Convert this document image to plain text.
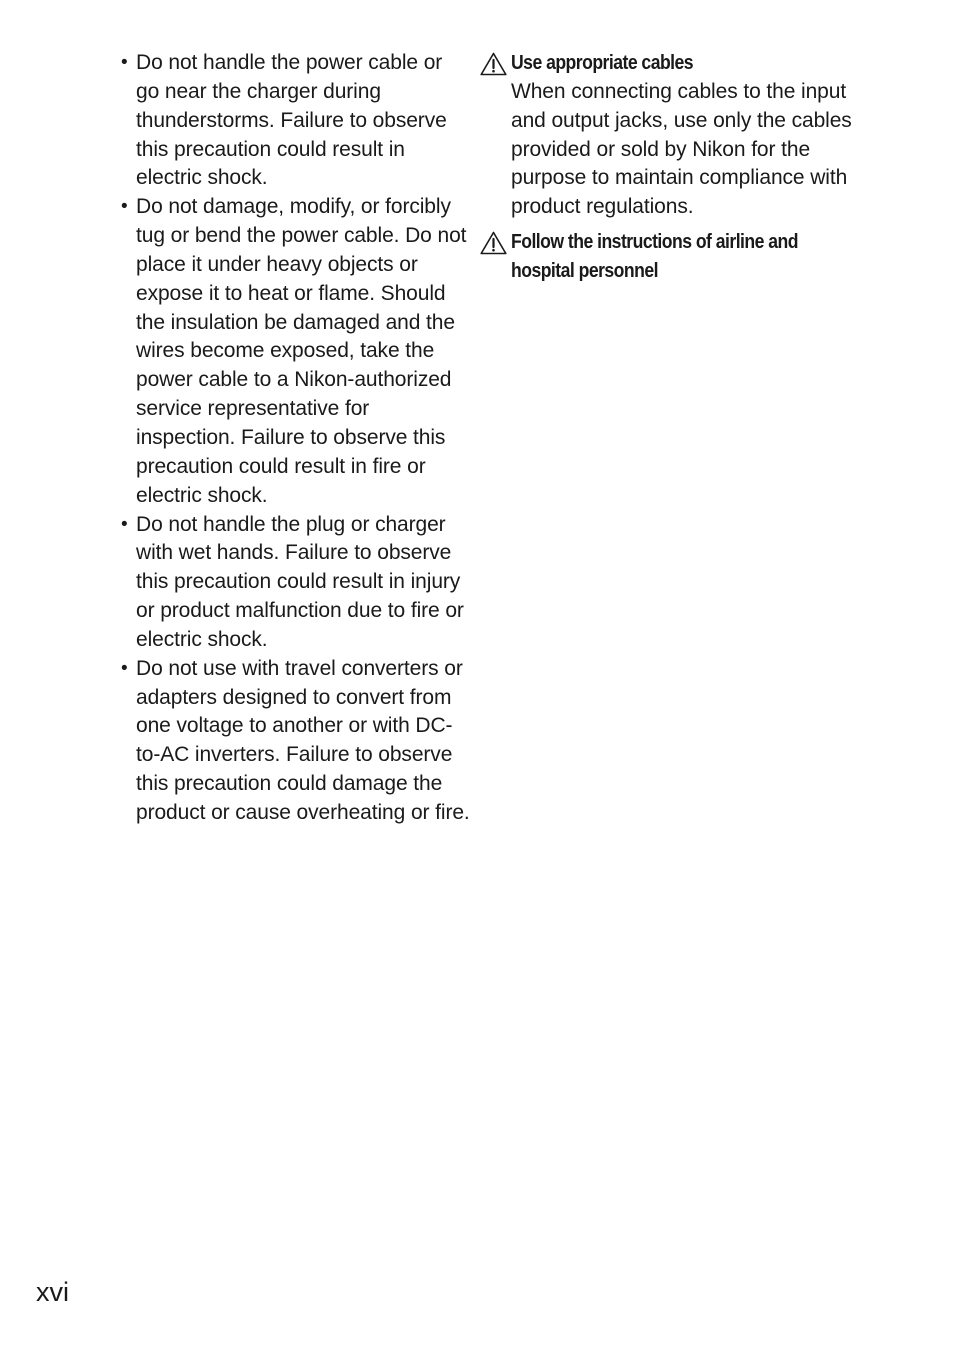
• Do not handle the power cable or go near the charger during thunderstorms. Failure to observe this precaution could result in electric shock.
• Do not damage, modify, or forcibly tug or bend the power cable. Do not place it under heavy objects or expose it to heat or flame. Should the insulation be damaged and the wires become exposed, take the power cable to a Nikon-authorized service representative for inspection. Failure to observe this precaution could result in fire or electric shock.
• Do not handle the plug or charger with wet hands. Failure to observe this precaution could result in injury or product malfunction due to fire or electric shock.
• Do not use with travel converters or adapters designed to convert from one voltage to another or with DC-to-AC inverters. Failure to observe this precaution could damage the product or cause overheating or fire.
Use appropriate cables
When connecting cables to the input and output jacks, use only the cables provided or sold by Nikon for the purpose to maintain compliance with product regulations.
Follow the instructions of airline and
hospital personnel
xvi
